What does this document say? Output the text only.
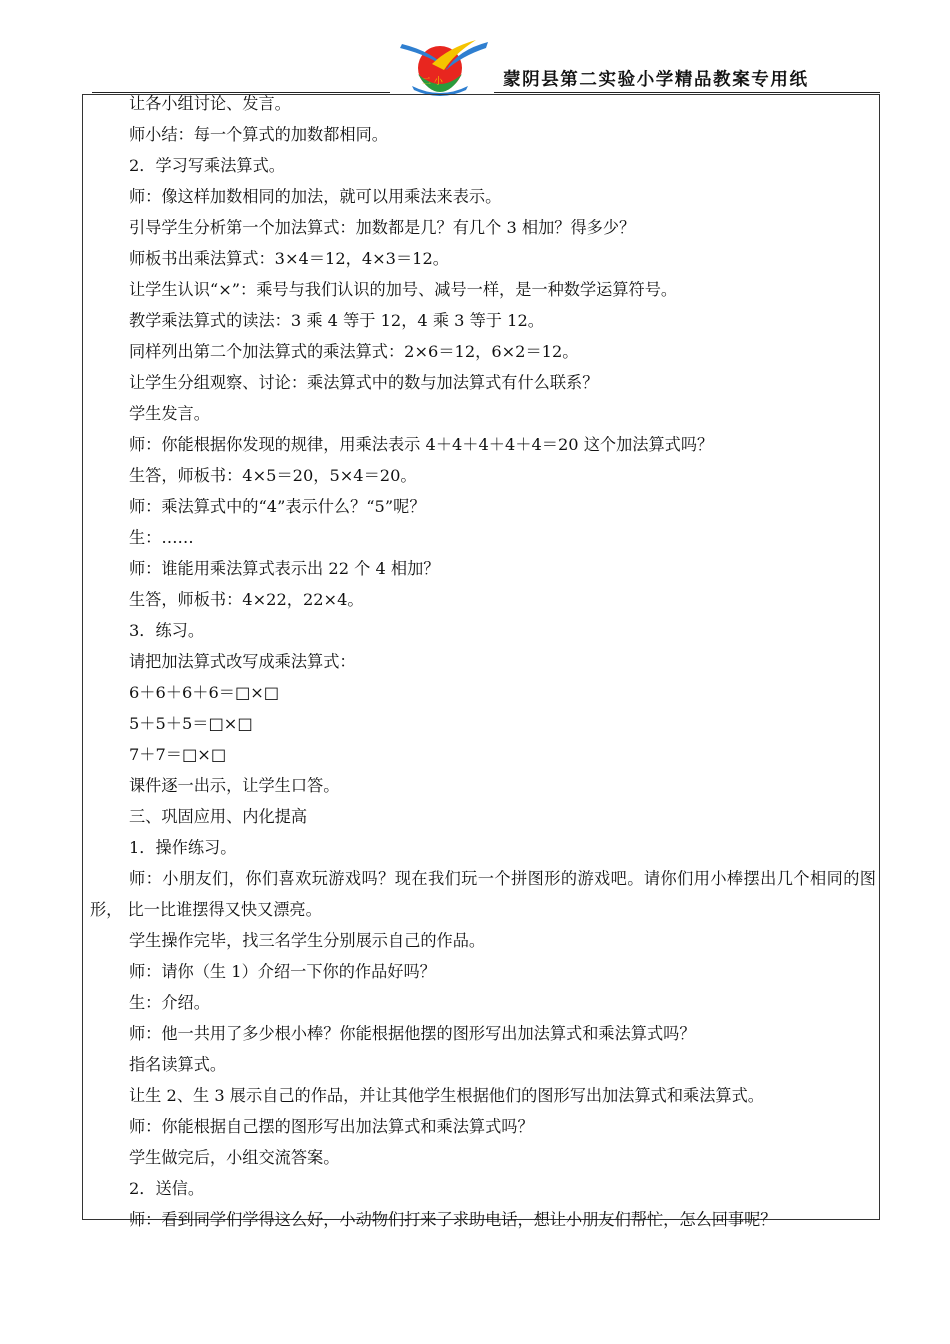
二 小	蒙阴县第二实验小学精品教案专用纸
让各小组讨论、发言。
师小结：每一个算式的加数都相同。
2．学习写乘法算式。
师：像这样加数相同的加法，就可以用乘法来表示。
引导学生分析第一个加法算式：加数都是几？有几个 3 相加？得多少？
师板书出乘法算式：3×4＝12，4×3＝12。
让学生认识“×”：乘号与我们认识的加号、减号一样，是一种数学运算符号。
教学乘法算式的读法：3 乘 4 等于 12，4 乘 3 等于 12。
同样列出第二个加法算式的乘法算式：2×6＝12，6×2＝12。
让学生分组观察、讨论：乘法算式中的数与加法算式有什么联系？
学生发言。
师：你能根据你发现的规律，用乘法表示 4＋4＋4＋4＋4＝20 这个加法算式吗？
生答，师板书：4×5＝20，5×4＝20。
师：乘法算式中的“4”表示什么？“5”呢？
生：……
师：谁能用乘法算式表示出 22 个 4 相加？
生答，师板书：4×22，22×4。
3．练习。
请把加法算式改写成乘法算式：
6＋6＋6＋6＝□×□
5＋5＋5＝□×□
7＋7＝□×□
课件逐一出示，让学生口答。
三、巩固应用、内化提高
1．操作练习。
师：小朋友们，你们喜欢玩游戏吗？现在我们玩一个拼图形的游戏吧。请你们用小棒摆出几个相同的图形， 比一比谁摆得又快又漂亮。
学生操作完毕，找三名学生分别展示自己的作品。
师：请你（生 1）介绍一下你的作品好吗？
生：介绍。
师：他一共用了多少根小棒？你能根据他摆的图形写出加法算式和乘法算式吗？
指名读算式。
让生 2、生 3 展示自己的作品，并让其他学生根据他们的图形写出加法算式和乘法算式。
师：你能根据自己摆的图形写出加法算式和乘法算式吗？
学生做完后，小组交流答案。
2．送信。
师：看到同学们学得这么好，小动物们打来了求助电话，想让小朋友们帮忙，怎么回事呢？
